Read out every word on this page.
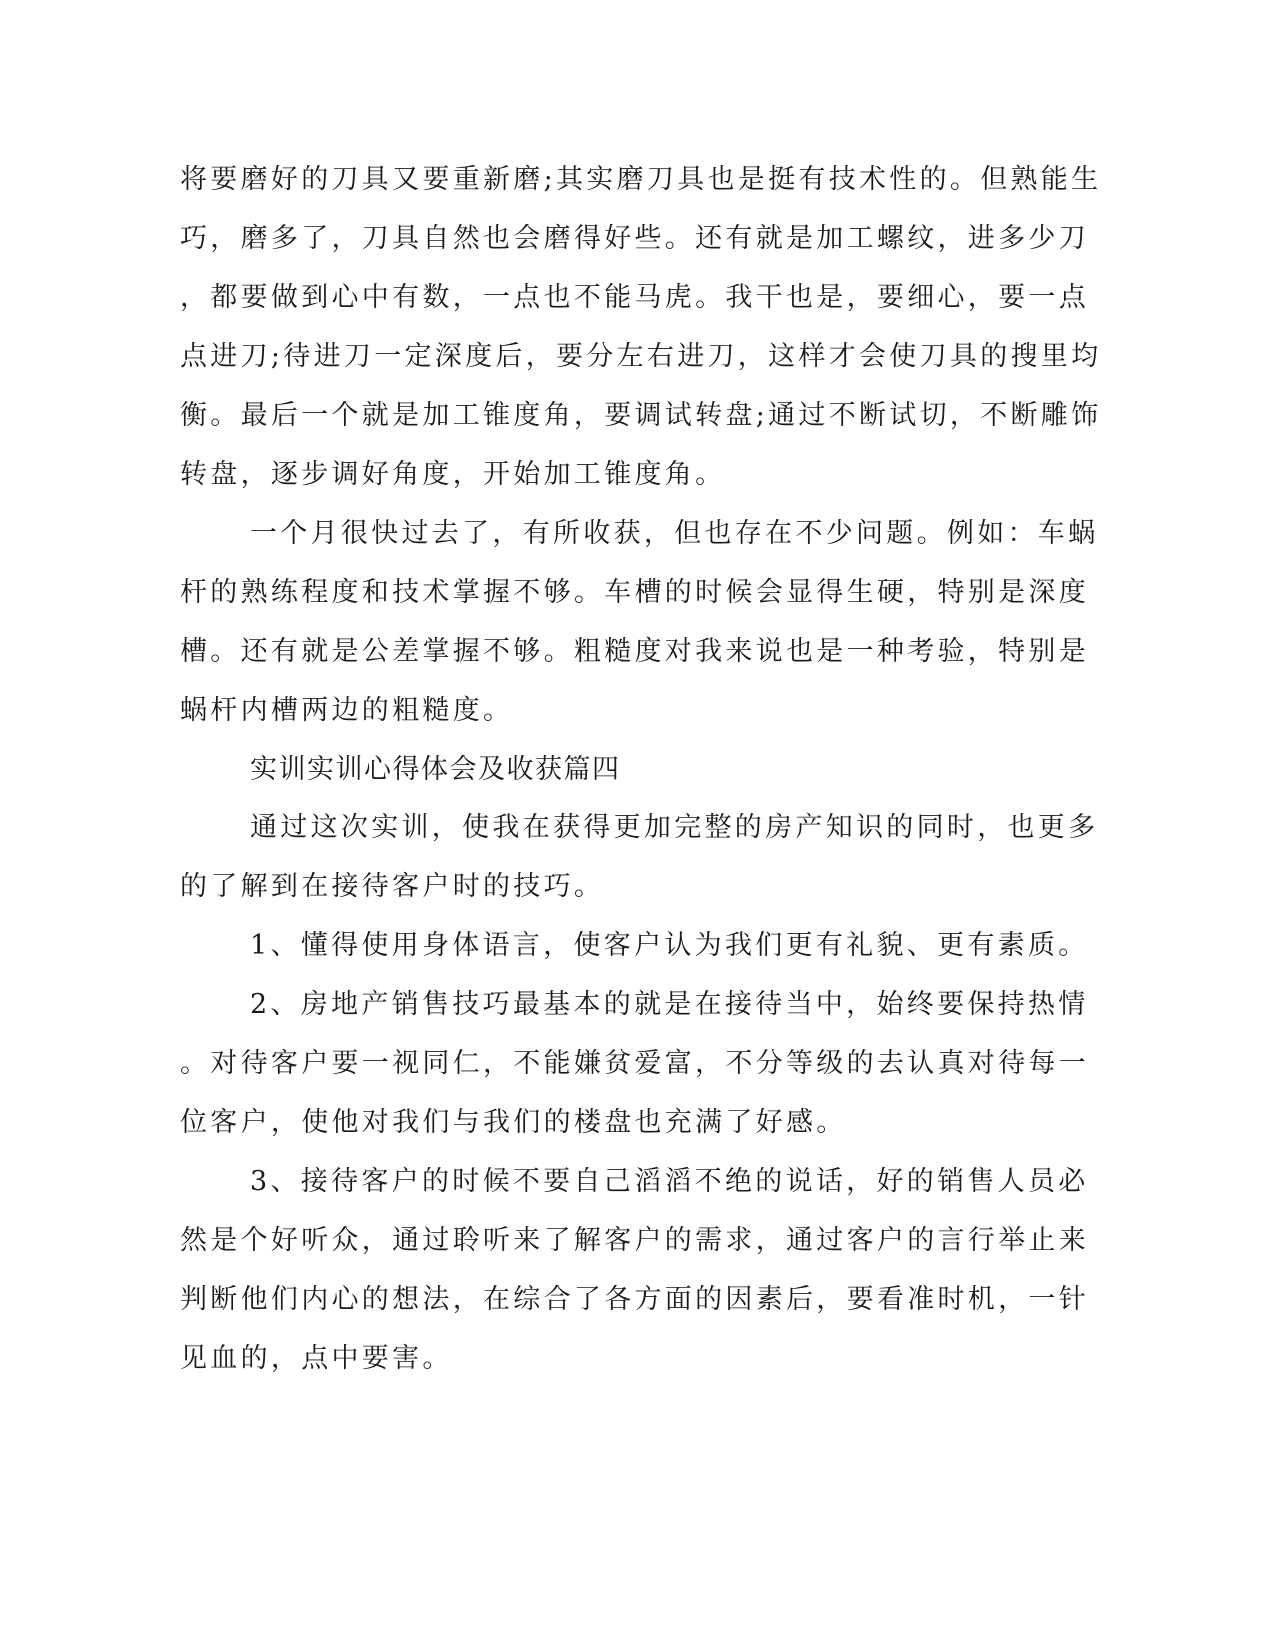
将要磨好的刀具又要重新磨;其实磨刀具也是挺有技术性的。但熟能生
巧，磨多了，刀具自然也会磨得好些。还有就是加工螺纹，进多少刀
，都要做到心中有数，一点也不能马虎。我干也是，要细心，要一点
点进刀;待进刀一定深度后，要分左右进刀，这样才会使刀具的搜里均
衡。最后一个就是加工锥度角，要调试转盘;通过不断试切，不断雕饰
转盘，逐步调好角度，开始加工锥度角。
一个月很快过去了，有所收获，但也存在不少问题。例如：车蜗
杆的熟练程度和技术掌握不够。车槽的时候会显得生硬，特别是深度
槽。还有就是公差掌握不够。粗糙度对我来说也是一种考验，特别是
蜗杆内槽两边的粗糙度。
实训实训心得体会及收获篇四
通过这次实训，使我在获得更加完整的房产知识的同时，也更多
的了解到在接待客户时的技巧。
1、懂得使用身体语言，使客户认为我们更有礼貌、更有素质。
2、房地产销售技巧最基本的就是在接待当中，始终要保持热情
。对待客户要一视同仁，不能嫌贫爱富，不分等级的去认真对待每一
位客户，使他对我们与我们的楼盘也充满了好感。
3、接待客户的时候不要自己滔滔不绝的说话，好的销售人员必
然是个好听众，通过聆听来了解客户的需求，通过客户的言行举止来
判断他们内心的想法，在综合了各方面的因素后，要看准时机，一针
见血的，点中要害。
